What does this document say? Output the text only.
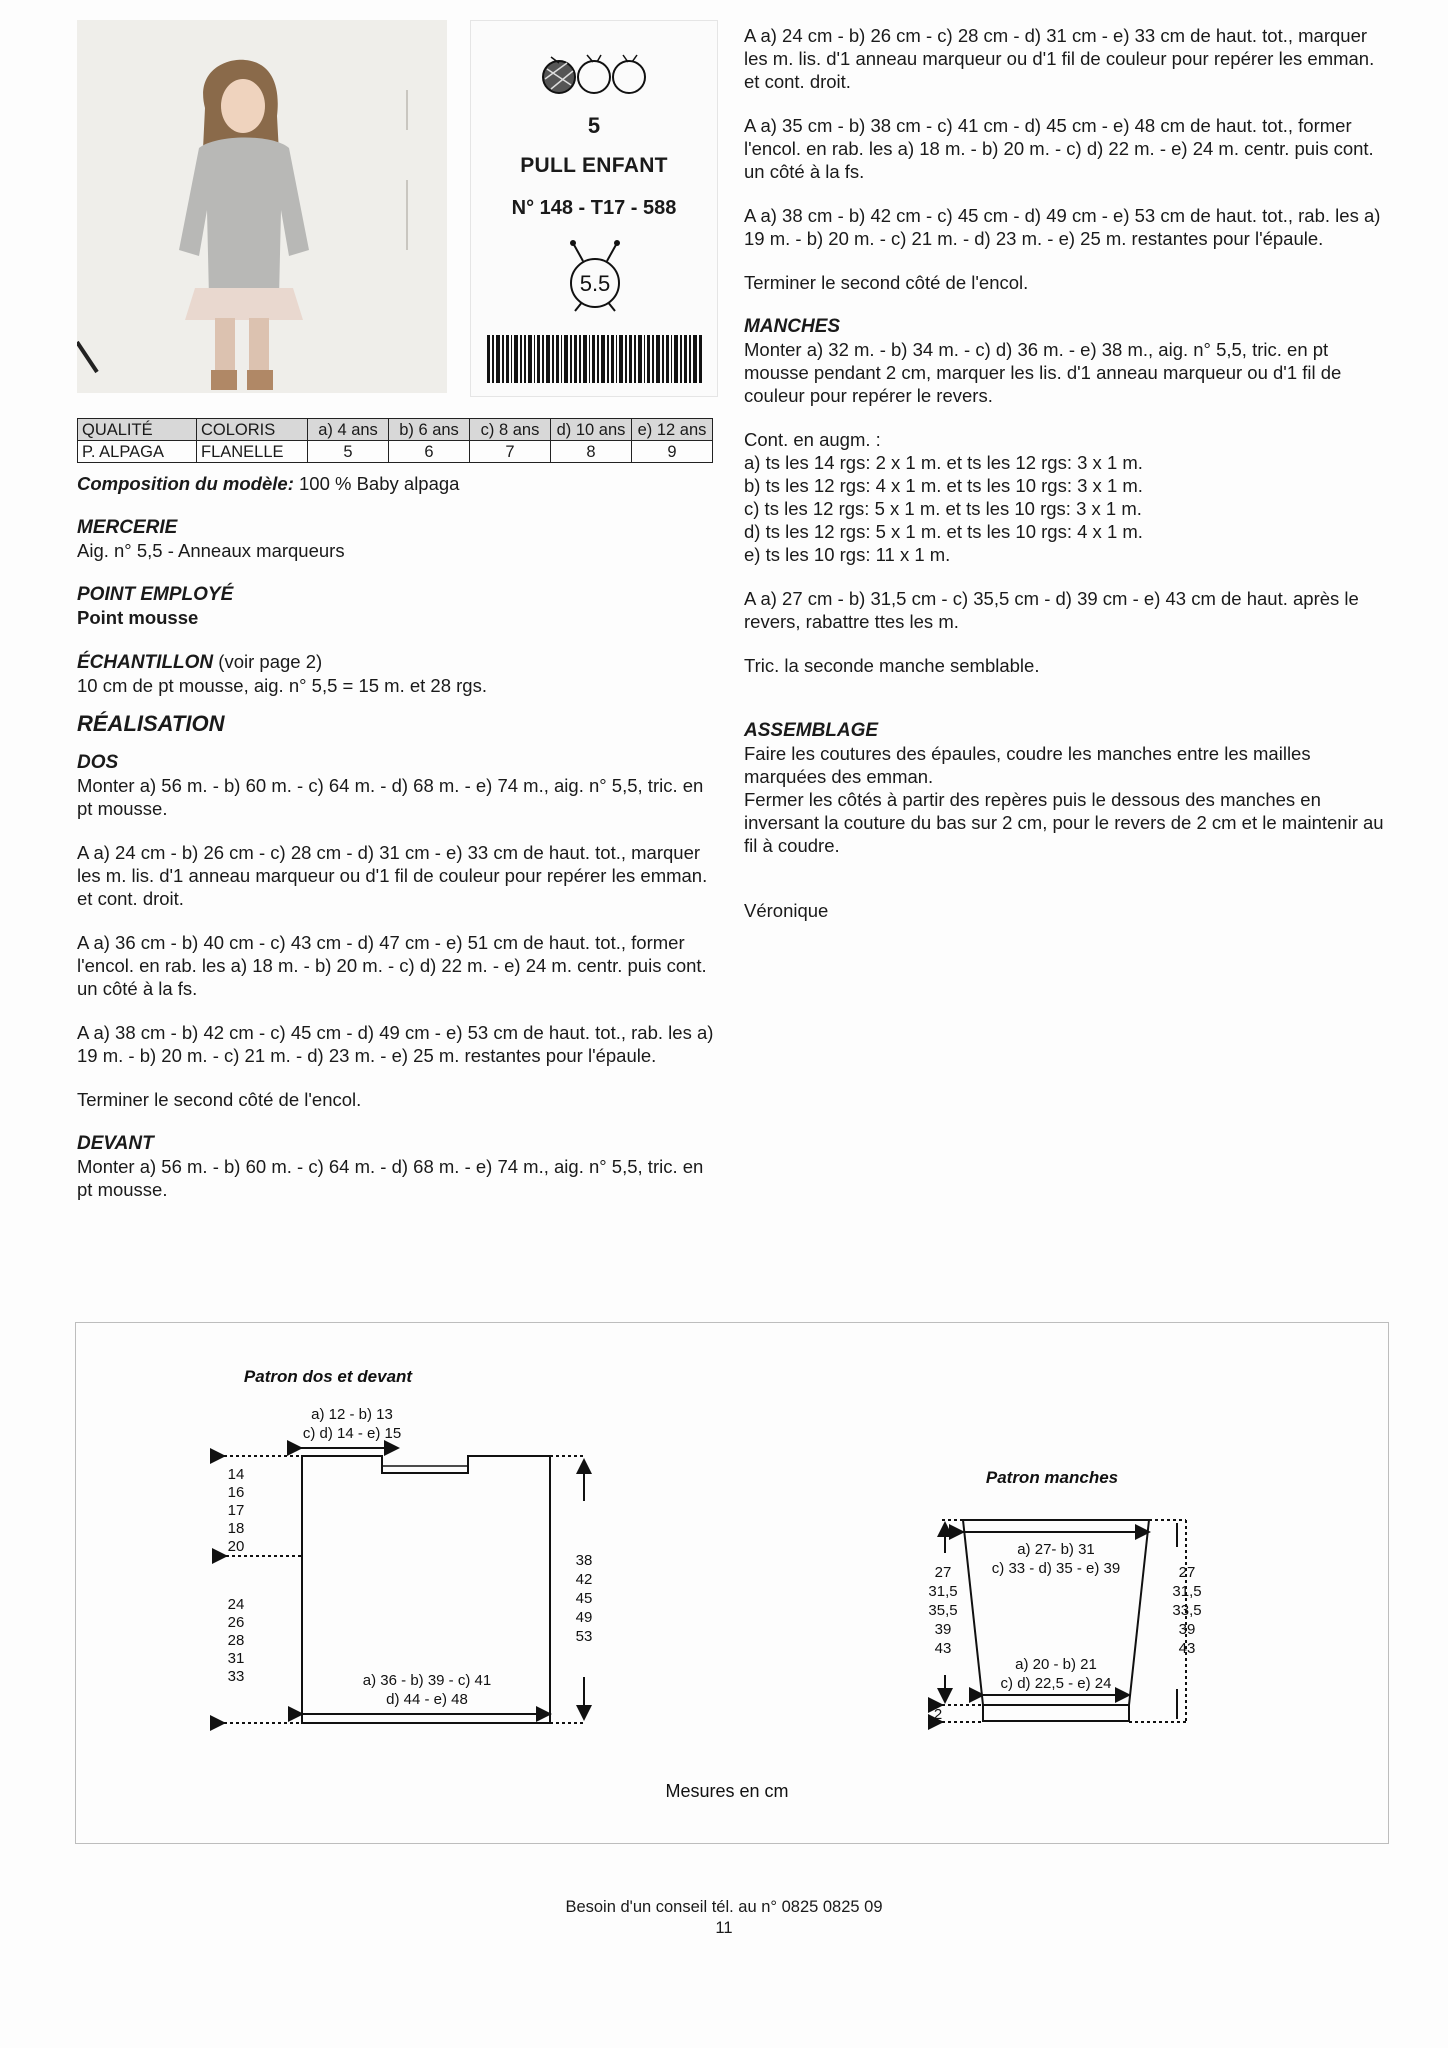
5
PULL ENFANT
N° 148 - T17 - 588
5.5
QUALITÉ	COLORIS	a) 4 ans	b) 6 ans	c) 8 ans	d) 10 ans	e) 12 ans
P. ALPAGA	FLANELLE	5	6	7	8	9

Composition du modèle: 100 % Baby alpaga

MERCERIE

Aig. n° 5,5 - Anneaux marqueurs

POINT EMPLOYÉ

Point mousse

ÉCHANTILLON (voir page 2)

10 cm de pt mousse, aig. n° 5,5 = 15 m. et 28 rgs.

RÉALISATION
DOS

Monter a) 56 m. - b) 60 m. - c) 64 m. - d) 68 m. - e) 74 m., aig. n° 5,5, tric. en pt mousse.

A a) 24 cm - b) 26 cm - c) 28 cm - d) 31 cm - e) 33 cm de haut. tot., marquer les m. lis. d'1 anneau marqueur ou d'1 fil de couleur pour repérer les emman. et cont. droit.

A a) 36 cm - b) 40 cm - c) 43 cm - d) 47 cm - e) 51 cm de haut. tot., former l'encol. en rab. les a) 18 m. - b) 20 m. - c) d) 22 m. - e) 24 m. centr. puis cont. un côté à la fs.

A a) 38 cm - b) 42 cm - c) 45 cm - d) 49 cm - e) 53 cm de haut. tot., rab. les a) 19 m. - b) 20 m. - c) 21 m. - d) 23 m. - e) 25 m. restantes pour l'épaule.

Terminer le second côté de l'encol.

DEVANT

Monter a) 56 m. - b) 60 m. - c) 64 m. - d) 68 m. - e) 74 m., aig. n° 5,5, tric. en pt mousse.

A a) 24 cm - b) 26 cm - c) 28 cm - d) 31 cm - e) 33 cm de haut. tot., marquer les m. lis. d'1 anneau marqueur ou d'1 fil de couleur pour repérer les emman. et cont. droit.

A a) 35 cm - b) 38 cm - c) 41 cm - d) 45 cm - e) 48 cm de haut. tot., former l'encol. en rab. les a) 18 m. - b) 20 m. - c) d) 22 m. - e) 24 m. centr. puis cont. un côté à la fs.

A a) 38 cm - b) 42 cm - c) 45 cm - d) 49 cm - e) 53 cm de haut. tot., rab. les a) 19 m. - b) 20 m. - c) 21 m. - d) 23 m. - e) 25 m. restantes pour l'épaule.

Terminer le second côté de l'encol.

MANCHES

Monter a) 32 m. - b) 34 m. - c) d) 36 m. - e) 38 m., aig. n° 5,5, tric. en pt mousse pendant 2 cm, marquer les lis. d'1 anneau marqueur ou d'1 fil de couleur pour repérer le revers.

Cont. en augm. :

a) ts les 14 rgs: 2 x 1 m. et ts les 12 rgs: 3 x 1 m.

b) ts les 12 rgs: 4 x 1 m. et ts les 10 rgs: 3 x 1 m.

c) ts les 12 rgs: 5 x 1 m. et ts les 10 rgs: 3 x 1 m.

d) ts les 12 rgs: 5 x 1 m. et ts les 10 rgs: 4 x 1 m.

e) ts les 10 rgs: 11 x 1 m.

A a) 27 cm - b) 31,5 cm - c) 35,5 cm - d) 39 cm - e) 43 cm de haut. après le revers, rabattre ttes les m.

Tric. la seconde manche semblable.

ASSEMBLAGE

Faire les coutures des épaules, coudre les manches entre les mailles marquées des emman.

Fermer les côtés à partir des repères puis le dessous des manches en inversant la couture du bas sur 2 cm, pour le revers de 2 cm et le maintenir au fil à coudre.

Véronique

Patron dos et devant
a) 12 - b) 13
c) d) 14 - e) 15
14
16
17
18
20
24
26
28
31
33
38
42
45
49
53
a) 36 - b) 39 - c) 41
d) 44 - e) 48
Patron manches
a) 27- b) 31
c) 33 - d) 35 - e) 39
a) 20 - b) 21
c) d) 22,5 - e) 24
27
31,5
35,5
39
43
27
31,5
33,5
39
43
2
Mesures en cm
Besoin d'un conseil tél. au n° 0825 0825 09
11
